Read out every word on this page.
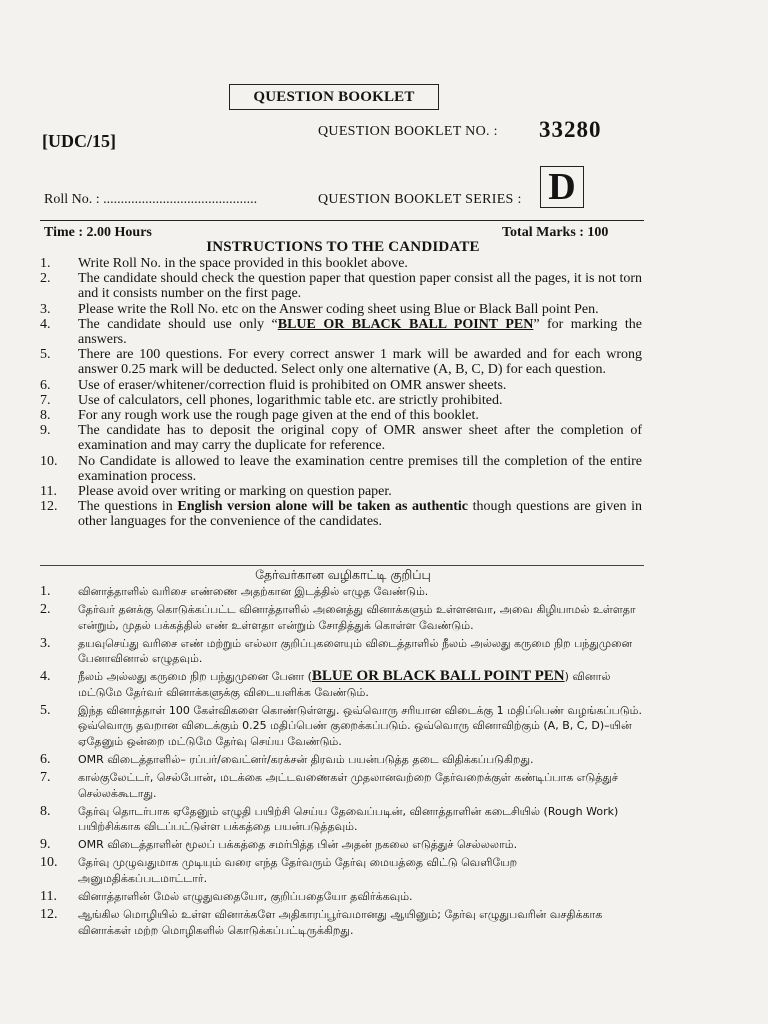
QUESTION BOOKLET
[UDC/15]	QUESTION BOOKLET NO. : 33280
Roll No. : ............................................	QUESTION BOOKLET SERIES : D
Time : 2.00 Hours	Total Marks : 100
INSTRUCTIONS TO THE CANDIDATE
1.	Write Roll No. in the space provided in this booklet above.
2.	The candidate should check the question paper that question paper consist all the pages, it is not torn and it consists number on the first page.
3.	Please write the Roll No. etc on the Answer coding sheet using Blue or Black Ball point Pen.
4.	The candidate should use only “BLUE OR BLACK BALL POINT PEN” for marking the answers.
5.	There are 100 questions. For every correct answer 1 mark will be awarded and for each wrong answer 0.25 mark will be deducted. Select only one alternative (A, B, C, D) for each question.
6.	Use of eraser/whitener/correction fluid is prohibited on OMR answer sheets.
7.	Use of calculators, cell phones, logarithmic table etc. are strictly prohibited.
8.	For any rough work use the rough page given at the end of this booklet.
9.	The candidate has to deposit the original copy of OMR answer sheet after the completion of examination and may carry the duplicate for reference.
10.	No Candidate is allowed to leave the examination centre premises till the completion of the entire examination process.
11.	Please avoid over writing or marking on question paper.
12.	The questions in English version alone will be taken as authentic though questions are given in other languages for the convenience of the candidates.
தேர்வர்கான வழிகாட்டி குறிப்பு
1.	வினாத்தாளில் வரிசை எண்ணை அதற்கான இடத்தில் எழுத வேண்டும்.
2.	தேர்வர் தனக்கு கொடுக்கப்பட்ட வினாத்தாளில் அனைத்து வினாக்களும் உள்ளனவா, அவை கிழியாமல் உள்ளதா என்றும், முதல் பக்கத்தில் எண் உள்ளதா என்றும் சோதித்துக் கொள்ள வேண்டும்.
3.	தயவுசெய்து வரிசை எண் மற்றும் எல்லா குறிப்புகளையும் விடைத்தாளில் நீலம் அல்லது கருமை நிற பந்துமுனை பேனாவினால் எழுதவும்.
4.	நீலம் அல்லது கருமை நிற பந்துமுனை பேனா (BLUE OR BLACK BALL POINT PEN) வினால் மட்டுமே தேர்வர் வினாக்களுக்கு விடையளிக்க வேண்டும்.
5.	இந்த வினாத்தாள் 100 கேள்விகளை கொண்டுள்ளது. ஒவ்வொரு சரியான விடைக்கு 1 மதிப்பெண் வழங்கப்படும். ஒவ்வொரு தவறான விடைக்கும் 0.25 மதிப்பெண் குறைக்கப்படும். ஒவ்வொரு வினாவிற்கும் (A, B, C, D)–யின் ஏதேனும் ஒன்றை மட்டுமே தேர்வு செய்ய வேண்டும்.
6.	OMR விடைத்தாளில்– ரப்பர்/வைட்னர்/கரக்சன் திரவம் பயன்படுத்த தடை விதிக்கப்படுகிறது.
7.	கால்குலேட்டர், செல்போன், மடக்கை அட்டவணைகள் முதலானவற்றை தேர்வறைக்குள் கண்டிப்பாக எடுத்துச் செல்லக்கூடாது.
8.	தேர்வு தொடர்பாக ஏதேனும் எழுதி பயிற்சி செய்ய தேவைப்படின், வினாத்தாளின் கடைசியில் (Rough Work) பயிற்சிக்காக விடப்பட்டுள்ள பக்கத்தை பயன்படுத்தவும்.
9.	OMR விடைத்தாளின் மூலப் பக்கத்தை சமர்பித்த பின் அதன் நகலை எடுத்துச் செல்லலாம்.
10.	தேர்வு முழுவதுமாக முடியும் வரை எந்த தேர்வரும் தேர்வு மையத்தை விட்டு வெளியேற அனுமதிக்கப்படமாட்டார்.
11.	வினாத்தாளின் மேல் எழுதுவதையோ, குறிப்பதையோ தவிர்க்கவும்.
12.	ஆங்கில மொழியில் உள்ள வினாக்களே அதிகாரப்பூர்வமானது ஆயினும்; தேர்வு எழுதுபவரின் வசதிக்காக வினாக்கள் மற்ற மொழிகளில் கொடுக்கப்பட்டிருக்கிறது.
